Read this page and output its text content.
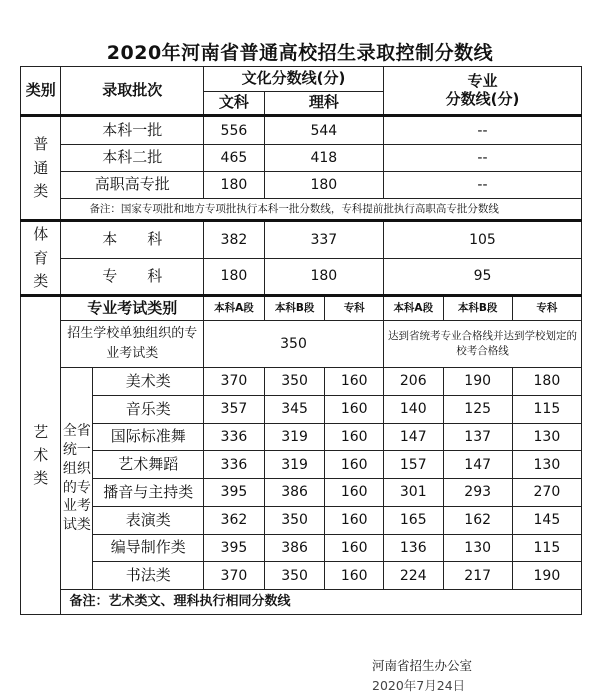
2020年河南省普通高校招生录取控制分数线
类别	录取批次		文化分数线(分)			专业
分数线(分)		

			文科	理科				
普
通
类	本科一批		556	544		--		
	本科二批		465	418		--		
	高职高专批		180	180		--		
	备注：国家专项批和地方专项批执行本科一批分数线，专科提前批执行高职高专批分数线							
体
育
类	本　　科		382	337		105		
	专　　科		180	180		95		
艺
术
类	专业考试类别		本科A段	本科B段	专科	本科A段	本科B段	专科
	招生学校单独组织的专业考试类		350			达到省统考专业合格线并达到学校划定的校考合格线		
	全省统一组织的专业考试类	美术类	370	350	160	206	190	180
		音乐类	357	345	160	140	125	115
		国际标准舞	336	319	160	147	137	130
		艺术舞蹈	336	319	160	157	147	130
		播音与主持类	395	386	160	301	293	270
		表演类	362	350	160	165	162	145
		编导制作类	395	386	160	136	130	115
		书法类	370	350	160	224	217	190
	备注：艺术类文、理科执行相同分数线							
河南省招生办公室
2020年7月24日
